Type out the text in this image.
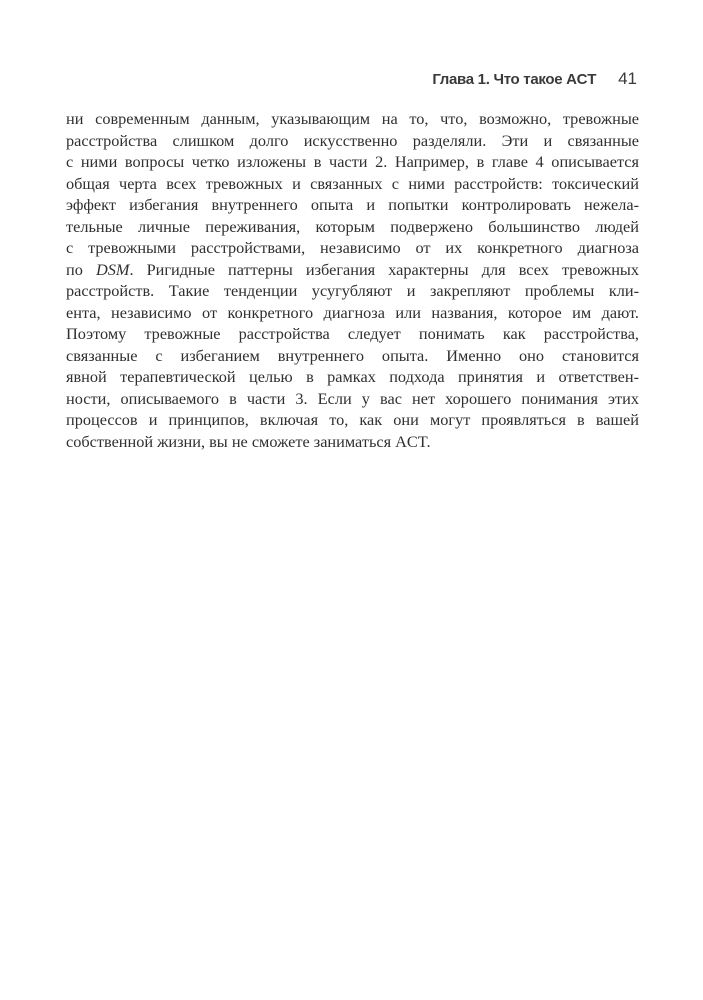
Глава 1. Что такое ACT 41
ни современным данным, указывающим на то, что, возможно, тревожные
расстройства слишком долго искусственно разделяли. Эти и связанные
с ними вопросы четко изложены в части 2. Например, в главе 4 описывается
общая черта всех тревожных и связанных с ними расстройств: токсический
эффект избегания внутреннего опыта и попытки контролировать нежела-
тельные личные переживания, которым подвержено большинство людей
с тревожными расстройствами, независимо от их конкретного диагноза
по DSM. Ригидные паттерны избегания характерны для всех тревожных
расстройств. Такие тенденции усугубляют и закрепляют проблемы кли-
ента, независимо от конкретного диагноза или названия, которое им дают.
Поэтому тревожные расстройства следует понимать как расстройства,
связанные с избеганием внутреннего опыта. Именно оно становится
явной терапевтической целью в рамках подхода принятия и ответствен-
ности, описываемого в части 3. Если у вас нет хорошего понимания этих
процессов и принципов, включая то, как они могут проявляться в вашей
собственной жизни, вы не сможете заниматься ACT.
